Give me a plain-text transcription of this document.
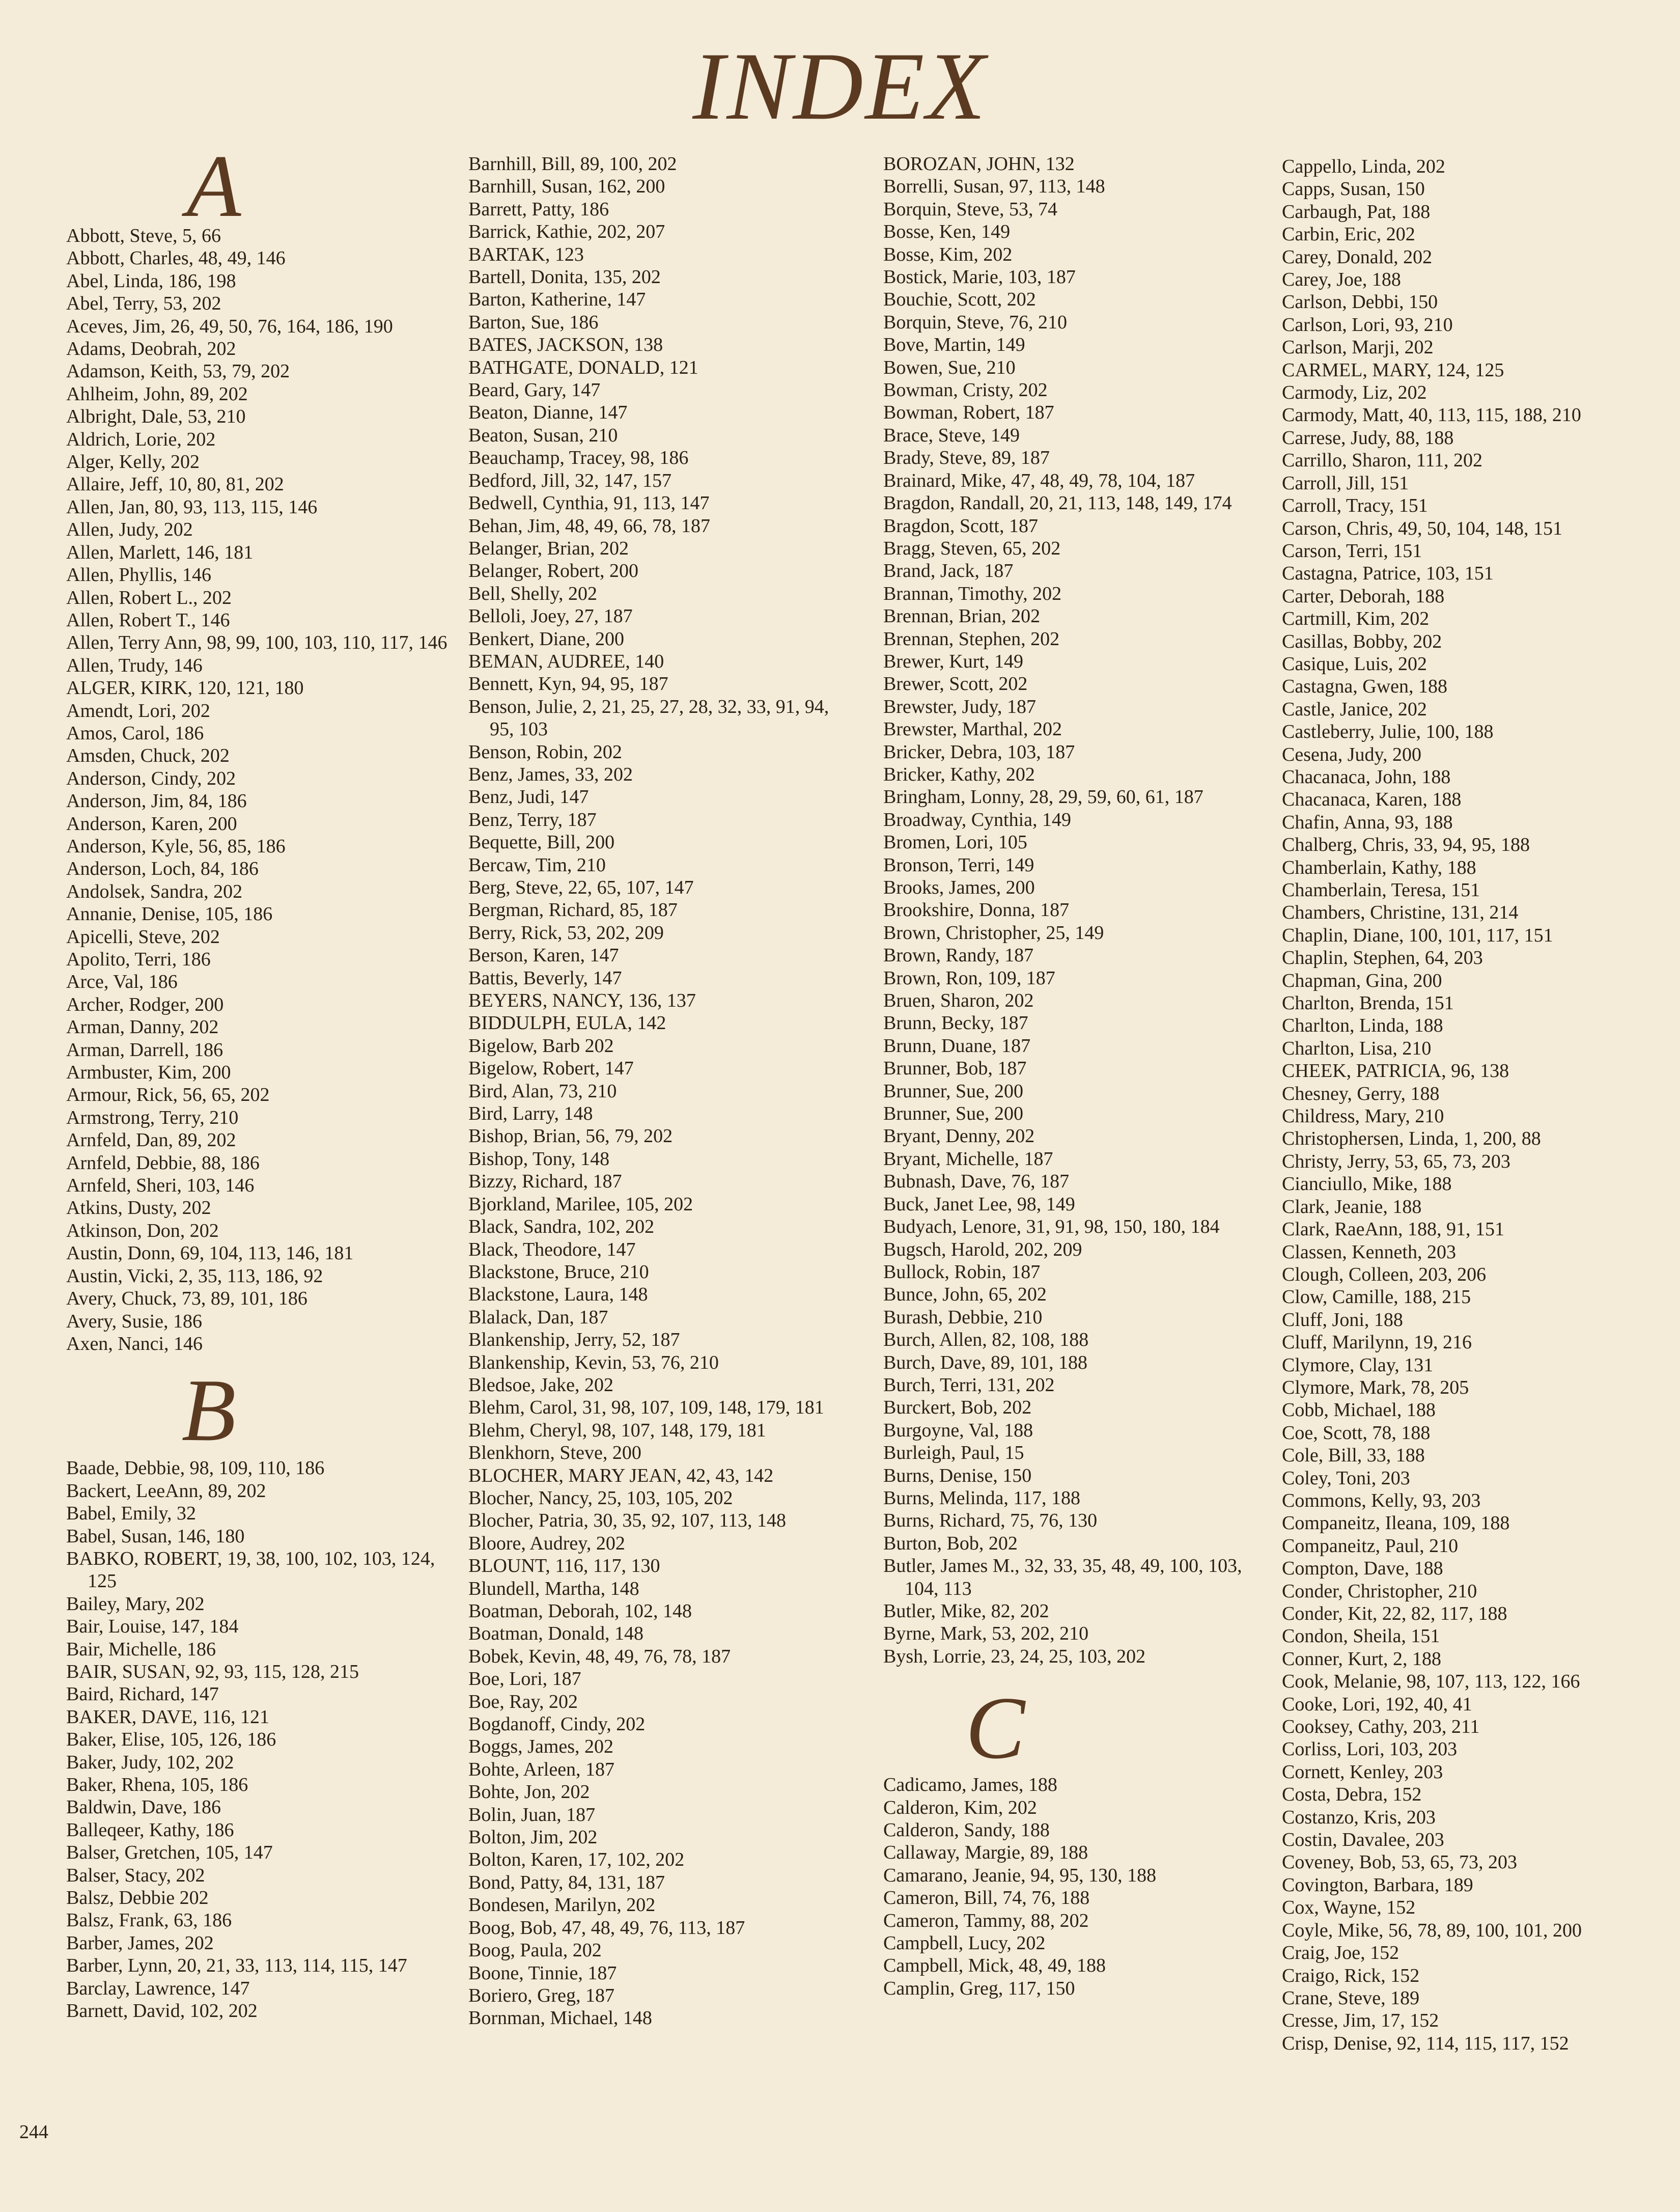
INDEX
A

Abbott, Steve, 5, 66

Abbott, Charles, 48, 49, 146

Abel, Linda, 186, 198

Abel, Terry, 53, 202

Aceves, Jim, 26, 49, 50, 76, 164, 186, 190

Adams, Deobrah, 202

Adamson, Keith, 53, 79, 202

Ahlheim, John, 89, 202

Albright, Dale, 53, 210

Aldrich, Lorie, 202

Alger, Kelly, 202

Allaire, Jeff, 10, 80, 81, 202

Allen, Jan, 80, 93, 113, 115, 146

Allen, Judy, 202

Allen, Marlett, 146, 181

Allen, Phyllis, 146

Allen, Robert L., 202

Allen, Robert T., 146

Allen, Terry Ann, 98, 99, 100, 103, 110, 117, 146

Allen, Trudy, 146

ALGER, KIRK, 120, 121, 180

Amendt, Lori, 202

Amos, Carol, 186

Amsden, Chuck, 202

Anderson, Cindy, 202

Anderson, Jim, 84, 186

Anderson, Karen, 200

Anderson, Kyle, 56, 85, 186

Anderson, Loch, 84, 186

Andolsek, Sandra, 202

Annanie, Denise, 105, 186

Apicelli, Steve, 202

Apolito, Terri, 186

Arce, Val, 186

Archer, Rodger, 200

Arman, Danny, 202

Arman, Darrell, 186

Armbuster, Kim, 200

Armour, Rick, 56, 65, 202

Armstrong, Terry, 210

Arnfeld, Dan, 89, 202

Arnfeld, Debbie, 88, 186

Arnfeld, Sheri, 103, 146

Atkins, Dusty, 202

Atkinson, Don, 202

Austin, Donn, 69, 104, 113, 146, 181

Austin, Vicki, 2, 35, 113, 186, 92

Avery, Chuck, 73, 89, 101, 186

Avery, Susie, 186

Axen, Nanci, 146

B

Baade, Debbie, 98, 109, 110, 186

Backert, LeeAnn, 89, 202

Babel, Emily, 32

Babel, Susan, 146, 180

BABKO, ROBERT, 19, 38, 100, 102, 103, 124, 125

Bailey, Mary, 202

Bair, Louise, 147, 184

Bair, Michelle, 186

BAIR, SUSAN, 92, 93, 115, 128, 215

Baird, Richard, 147

BAKER, DAVE, 116, 121

Baker, Elise, 105, 126, 186

Baker, Judy, 102, 202

Baker, Rhena, 105, 186

Baldwin, Dave, 186

Balleqeer, Kathy, 186

Balser, Gretchen, 105, 147

Balser, Stacy, 202

Balsz, Debbie 202

Balsz, Frank, 63, 186

Barber, James, 202

Barber, Lynn, 20, 21, 33, 113, 114, 115, 147

Barclay, Lawrence, 147

Barnett, David, 102, 202

Barnhill, Bill, 89, 100, 202

Barnhill, Susan, 162, 200

Barrett, Patty, 186

Barrick, Kathie, 202, 207

BARTAK, 123

Bartell, Donita, 135, 202

Barton, Katherine, 147

Barton, Sue, 186

BATES, JACKSON, 138

BATHGATE, DONALD, 121

Beard, Gary, 147

Beaton, Dianne, 147

Beaton, Susan, 210

Beauchamp, Tracey, 98, 186

Bedford, Jill, 32, 147, 157

Bedwell, Cynthia, 91, 113, 147

Behan, Jim, 48, 49, 66, 78, 187

Belanger, Brian, 202

Belanger, Robert, 200

Bell, Shelly, 202

Belloli, Joey, 27, 187

Benkert, Diane, 200

BEMAN, AUDREE, 140

Bennett, Kyn, 94, 95, 187

Benson, Julie, 2, 21, 25, 27, 28, 32, 33, 91, 94, 95, 103

Benson, Robin, 202

Benz, James, 33, 202

Benz, Judi, 147

Benz, Terry, 187

Bequette, Bill, 200

Bercaw, Tim, 210

Berg, Steve, 22, 65, 107, 147

Bergman, Richard, 85, 187

Berry, Rick, 53, 202, 209

Berson, Karen, 147

Battis, Beverly, 147

BEYERS, NANCY, 136, 137

BIDDULPH, EULA, 142

Bigelow, Barb 202

Bigelow, Robert, 147

Bird, Alan, 73, 210

Bird, Larry, 148

Bishop, Brian, 56, 79, 202

Bishop, Tony, 148

Bizzy, Richard, 187

Bjorkland, Marilee, 105, 202

Black, Sandra, 102, 202

Black, Theodore, 147

Blackstone, Bruce, 210

Blackstone, Laura, 148

Blalack, Dan, 187

Blankenship, Jerry, 52, 187

Blankenship, Kevin, 53, 76, 210

Bledsoe, Jake, 202

Blehm, Carol, 31, 98, 107, 109, 148, 179, 181

Blehm, Cheryl, 98, 107, 148, 179, 181

Blenkhorn, Steve, 200

BLOCHER, MARY JEAN, 42, 43, 142

Blocher, Nancy, 25, 103, 105, 202

Blocher, Patria, 30, 35, 92, 107, 113, 148

Bloore, Audrey, 202

BLOUNT, 116, 117, 130

Blundell, Martha, 148

Boatman, Deborah, 102, 148

Boatman, Donald, 148

Bobek, Kevin, 48, 49, 76, 78, 187

Boe, Lori, 187

Boe, Ray, 202

Bogdanoff, Cindy, 202

Boggs, James, 202

Bohte, Arleen, 187

Bohte, Jon, 202

Bolin, Juan, 187

Bolton, Jim, 202

Bolton, Karen, 17, 102, 202

Bond, Patty, 84, 131, 187

Bondesen, Marilyn, 202

Boog, Bob, 47, 48, 49, 76, 113, 187

Boog, Paula, 202

Boone, Tinnie, 187

Boriero, Greg, 187

Bornman, Michael, 148

BOROZAN, JOHN, 132

Borrelli, Susan, 97, 113, 148

Borquin, Steve, 53, 74

Bosse, Ken, 149

Bosse, Kim, 202

Bostick, Marie, 103, 187

Bouchie, Scott, 202

Borquin, Steve, 76, 210

Bove, Martin, 149

Bowen, Sue, 210

Bowman, Cristy, 202

Bowman, Robert, 187

Brace, Steve, 149

Brady, Steve, 89, 187

Brainard, Mike, 47, 48, 49, 78, 104, 187

Bragdon, Randall, 20, 21, 113, 148, 149, 174

Bragdon, Scott, 187

Bragg, Steven, 65, 202

Brand, Jack, 187

Brannan, Timothy, 202

Brennan, Brian, 202

Brennan, Stephen, 202

Brewer, Kurt, 149

Brewer, Scott, 202

Brewster, Judy, 187

Brewster, Marthal, 202

Bricker, Debra, 103, 187

Bricker, Kathy, 202

Bringham, Lonny, 28, 29, 59, 60, 61, 187

Broadway, Cynthia, 149

Bromen, Lori, 105

Bronson, Terri, 149

Brooks, James, 200

Brookshire, Donna, 187

Brown, Christopher, 25, 149

Brown, Randy, 187

Brown, Ron, 109, 187

Bruen, Sharon, 202

Brunn, Becky, 187

Brunn, Duane, 187

Brunner, Bob, 187

Brunner, Sue, 200

Brunner, Sue, 200

Bryant, Denny, 202

Bryant, Michelle, 187

Bubnash, Dave, 76, 187

Buck, Janet Lee, 98, 149

Budyach, Lenore, 31, 91, 98, 150, 180, 184

Bugsch, Harold, 202, 209

Bullock, Robin, 187

Bunce, John, 65, 202

Burash, Debbie, 210

Burch, Allen, 82, 108, 188

Burch, Dave, 89, 101, 188

Burch, Terri, 131, 202

Burckert, Bob, 202

Burgoyne, Val, 188

Burleigh, Paul, 15

Burns, Denise, 150

Burns, Melinda, 117, 188

Burns, Richard, 75, 76, 130

Burton, Bob, 202

Butler, James M., 32, 33, 35, 48, 49, 100, 103, 104, 113

Butler, Mike, 82, 202

Byrne, Mark, 53, 202, 210

Bysh, Lorrie, 23, 24, 25, 103, 202

C

Cadicamo, James, 188

Calderon, Kim, 202

Calderon, Sandy, 188

Callaway, Margie, 89, 188

Camarano, Jeanie, 94, 95, 130, 188

Cameron, Bill, 74, 76, 188

Cameron, Tammy, 88, 202

Campbell, Lucy, 202

Campbell, Mick, 48, 49, 188

Camplin, Greg, 117, 150

Cappello, Linda, 202

Capps, Susan, 150

Carbaugh, Pat, 188

Carbin, Eric, 202

Carey, Donald, 202

Carey, Joe, 188

Carlson, Debbi, 150

Carlson, Lori, 93, 210

Carlson, Marji, 202

CARMEL, MARY, 124, 125

Carmody, Liz, 202

Carmody, Matt, 40, 113, 115, 188, 210

Carrese, Judy, 88, 188

Carrillo, Sharon, 111, 202

Carroll, Jill, 151

Carroll, Tracy, 151

Carson, Chris, 49, 50, 104, 148, 151

Carson, Terri, 151

Castagna, Patrice, 103, 151

Carter, Deborah, 188

Cartmill, Kim, 202

Casillas, Bobby, 202

Casique, Luis, 202

Castagna, Gwen, 188

Castle, Janice, 202

Castleberry, Julie, 100, 188

Cesena, Judy, 200

Chacanaca, John, 188

Chacanaca, Karen, 188

Chafin, Anna, 93, 188

Chalberg, Chris, 33, 94, 95, 188

Chamberlain, Kathy, 188

Chamberlain, Teresa, 151

Chambers, Christine, 131, 214

Chaplin, Diane, 100, 101, 117, 151

Chaplin, Stephen, 64, 203

Chapman, Gina, 200

Charlton, Brenda, 151

Charlton, Linda, 188

Charlton, Lisa, 210

CHEEK, PATRICIA, 96, 138

Chesney, Gerry, 188

Childress, Mary, 210

Christophersen, Linda, 1, 200, 88

Christy, Jerry, 53, 65, 73, 203

Cianciullo, Mike, 188

Clark, Jeanie, 188

Clark, RaeAnn, 188, 91, 151

Classen, Kenneth, 203

Clough, Colleen, 203, 206

Clow, Camille, 188, 215

Cluff, Joni, 188

Cluff, Marilynn, 19, 216

Clymore, Clay, 131

Clymore, Mark, 78, 205

Cobb, Michael, 188

Coe, Scott, 78, 188

Cole, Bill, 33, 188

Coley, Toni, 203

Commons, Kelly, 93, 203

Companeitz, Ileana, 109, 188

Companeitz, Paul, 210

Compton, Dave, 188

Conder, Christopher, 210

Conder, Kit, 22, 82, 117, 188

Condon, Sheila, 151

Conner, Kurt, 2, 188

Cook, Melanie, 98, 107, 113, 122, 166

Cooke, Lori, 192, 40, 41

Cooksey, Cathy, 203, 211

Corliss, Lori, 103, 203

Cornett, Kenley, 203

Costa, Debra, 152

Costanzo, Kris, 203

Costin, Davalee, 203

Coveney, Bob, 53, 65, 73, 203

Covington, Barbara, 189

Cox, Wayne, 152

Coyle, Mike, 56, 78, 89, 100, 101, 200

Craig, Joe, 152

Craigo, Rick, 152

Crane, Steve, 189

Cresse, Jim, 17, 152

Crisp, Denise, 92, 114, 115, 117, 152

244
